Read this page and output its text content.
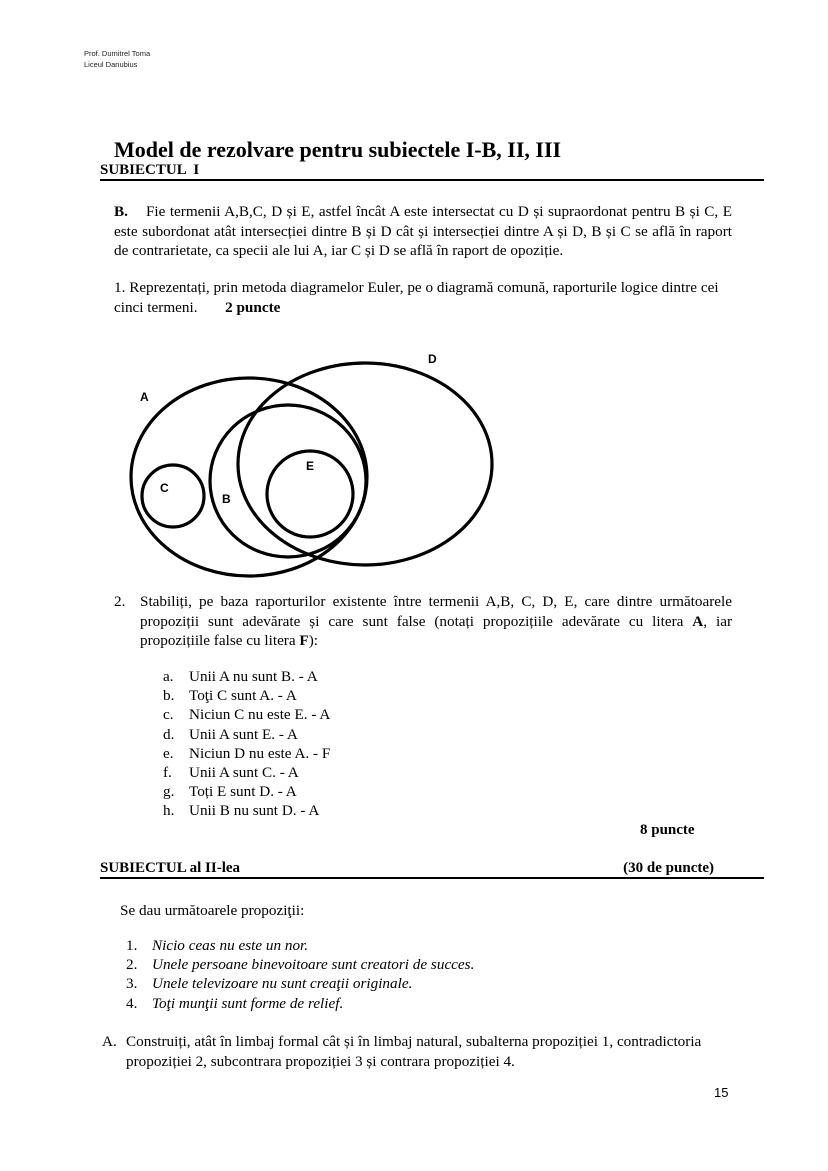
Prof. Dumitrel Toma
Liceul Danubius
Model de rezolvare pentru subiectele I-B, II, III
SUBIECTUL  I
B. Fie termenii A,B,C, D și E, astfel încât A este intersectat cu D și supraordonat pentru B și C, E este subordonat atât intersecției dintre B și D cât și intersecției dintre A și D, B și C se află în raport de contrarietate, ca specii ale lui A, iar C și D se află în raport de opoziție.
1. Reprezentați, prin metoda diagramelor Euler, pe o diagramă comună, raporturile logice dintre cei cinci termeni. 2 puncte
A
D
B
C
E
2. Stabiliți, pe baza raporturilor existente între termenii A,B, C, D, E, care dintre următoarele propoziții sunt adevărate și care sunt false (notați propozițiile adevărate cu litera A, iar propozițiile false cu litera F):
a.	Unii A nu sunt B. - A
b. Toţi C sunt A. - A
c.	Niciun C nu este E. - A
d. Unii A sunt E. - A
e.	Niciun D nu este A. - F
f.	Unii A sunt C. - A
g. Toți E sunt D. - A
h. Unii B nu sunt D. - A
8 puncte
SUBIECTUL al II-lea	(30 de puncte)
Se dau următoarele propoziţii:
1. Nicio ceas nu este un nor.
2. Unele persoane binevoitoare sunt creatori de succes.
3. Unele televizoare nu sunt creaţii originale.
4. Toţi munţii sunt forme de relief.
A. Construiți, atât în limbaj formal cât și în limbaj natural, subalterna propoziției 1, contradictoria propoziției 2, subcontrara propoziției 3 și contrara propoziției 4.
15
